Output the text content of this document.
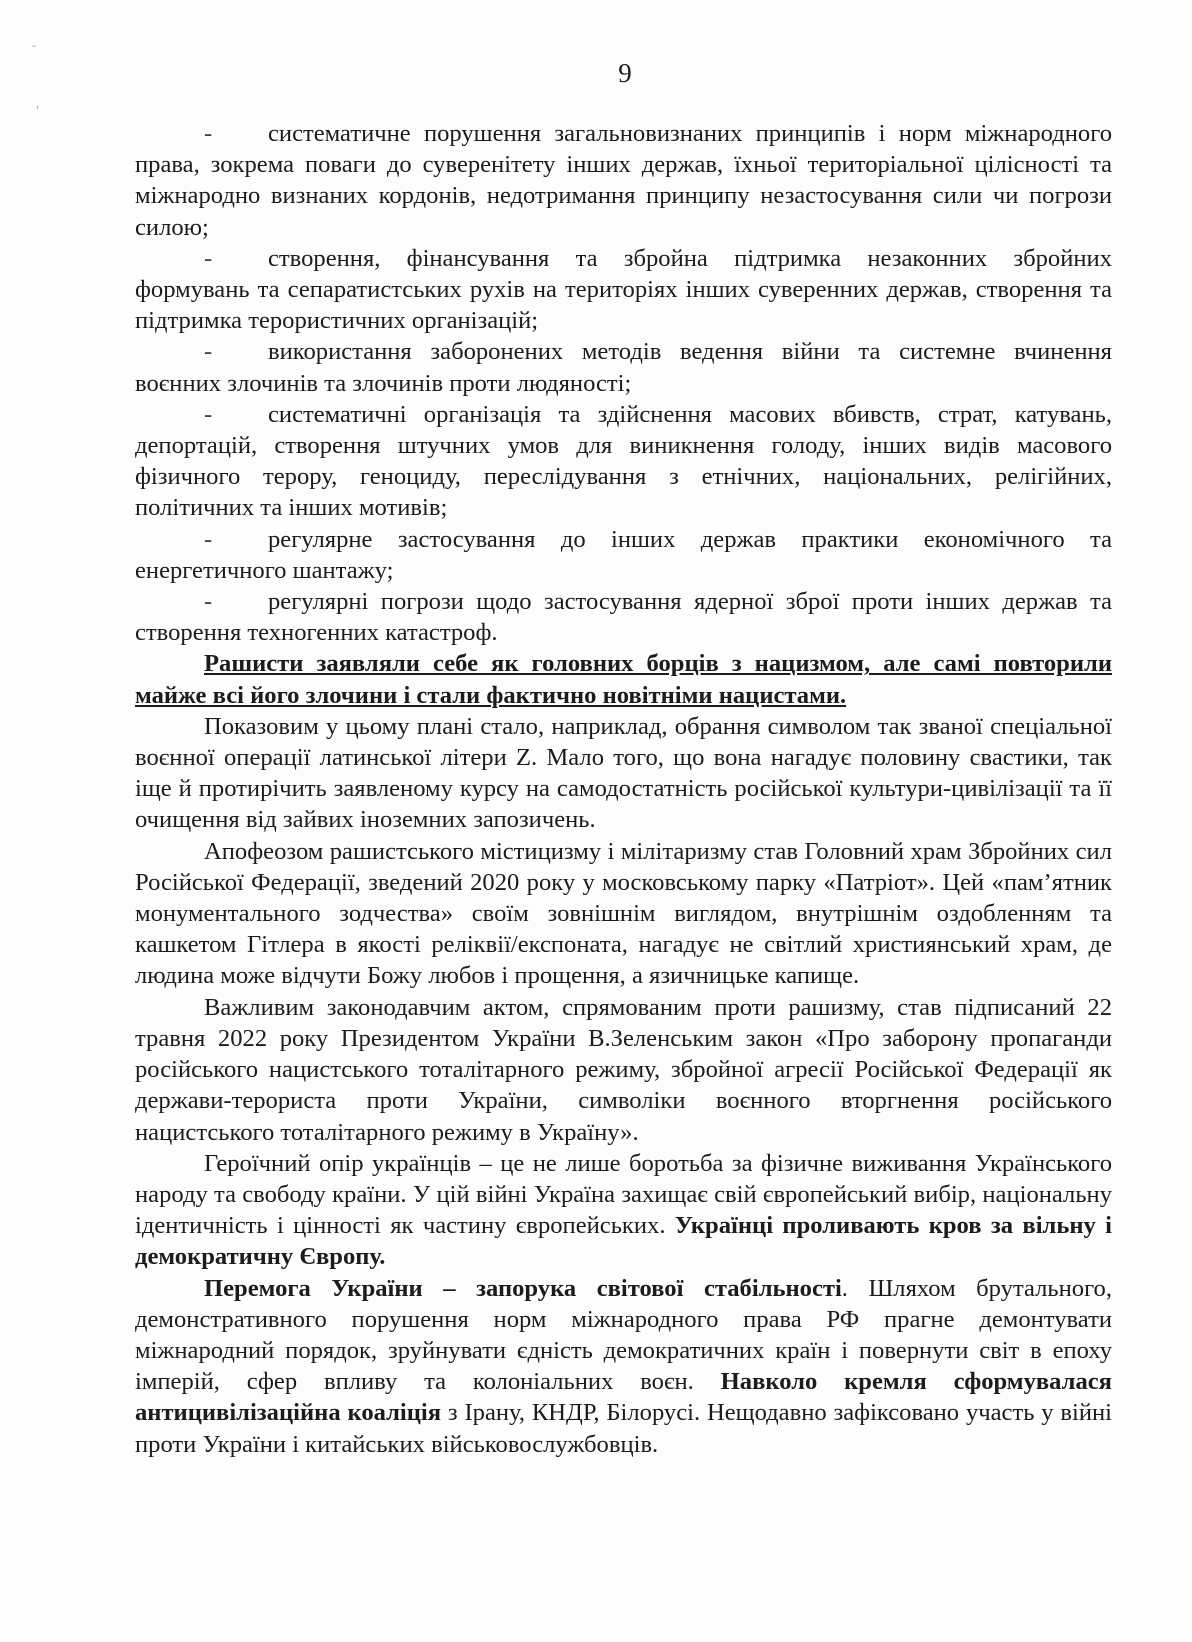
-
,
9

- систематичне порушення загальновизнаних принципів і норм міжнародного права, зокрема поваги до суверенітету інших держав, їхньої територіальної цілісності та міжнародно визнаних кордонів, недотримання принципу незастосування сили чи погрози силою;

- створення, фінансування та збройна підтримка незаконних збройних формувань та сепаратистських рухів на територіях інших суверенних держав, створення та підтримка терористичних організацій;

- використання заборонених методів ведення війни та системне вчинення воєнних злочинів та злочинів проти людяності;

- систематичні організація та здійснення масових вбивств, страт, катувань, депортацій, створення штучних умов для виникнення голоду, інших видів масового фізичного терору, геноциду, переслідування з етнічних, національних, релігійних, політичних та інших мотивів;

- регулярне застосування до інших держав практики економічного та енергетичного шантажу;

- регулярні погрози щодо застосування ядерної зброї проти інших держав та створення техногенних катастроф.

Рашисти заявляли себе як головних борців з нацизмом, але самі повторили майже всі його злочини і стали фактично новітніми нацистами.

Показовим у цьому плані стало, наприклад, обрання символом так званої спеціальної воєнної операції латинської літери Z. Мало того, що вона нагадує половину свастики, так іще й протирічить заявленому курсу на самодостатність російської культури-цивілізації та її очищення від зайвих іноземних запозичень.

Апофеозом рашистського містицизму і мілітаризму став Головний храм Збройних сил Російської Федерації, зведений 2020 року у московському парку «Патріот». Цей «пам’ятник монументального зодчества» своїм зовнішнім виглядом, внутрішнім оздобленням та кашкетом Гітлера в якості реліквії/експоната, нагадує не світлий християнський храм, де людина може відчути Божу любов і прощення, а язичницьке капище.

Важливим законодавчим актом, спрямованим проти рашизму, став підписаний 22 травня 2022 року Президентом України В.Зеленським закон «Про заборону пропаганди російського нацистського тоталітарного режиму, збройної агресії Російської Федерації як держави-терориста проти України, символіки воєнного вторгнення російського нацистського тоталітарного режиму в Україну».

Героїчний опір українців – це не лише боротьба за фізичне виживання Українського народу та свободу країни. У цій війні Україна захищає свій європейський вибір, національну ідентичність і цінності як частину європейських. Українці проливають кров за вільну і демократичну Європу.

Перемога України – запорука світової стабільності. Шляхом брутального, демонстративного порушення норм міжнародного права РФ прагне демонтувати міжнародний порядок, зруйнувати єдність демократичних країн і повернути світ в епоху імперій, сфер впливу та колоніальних воєн. Навколо кремля сформувалася антицивілізаційна коаліція з Ірану, КНДР, Білорусі. Нещодавно зафіксовано участь у війні проти України і китайських військовослужбовців.
